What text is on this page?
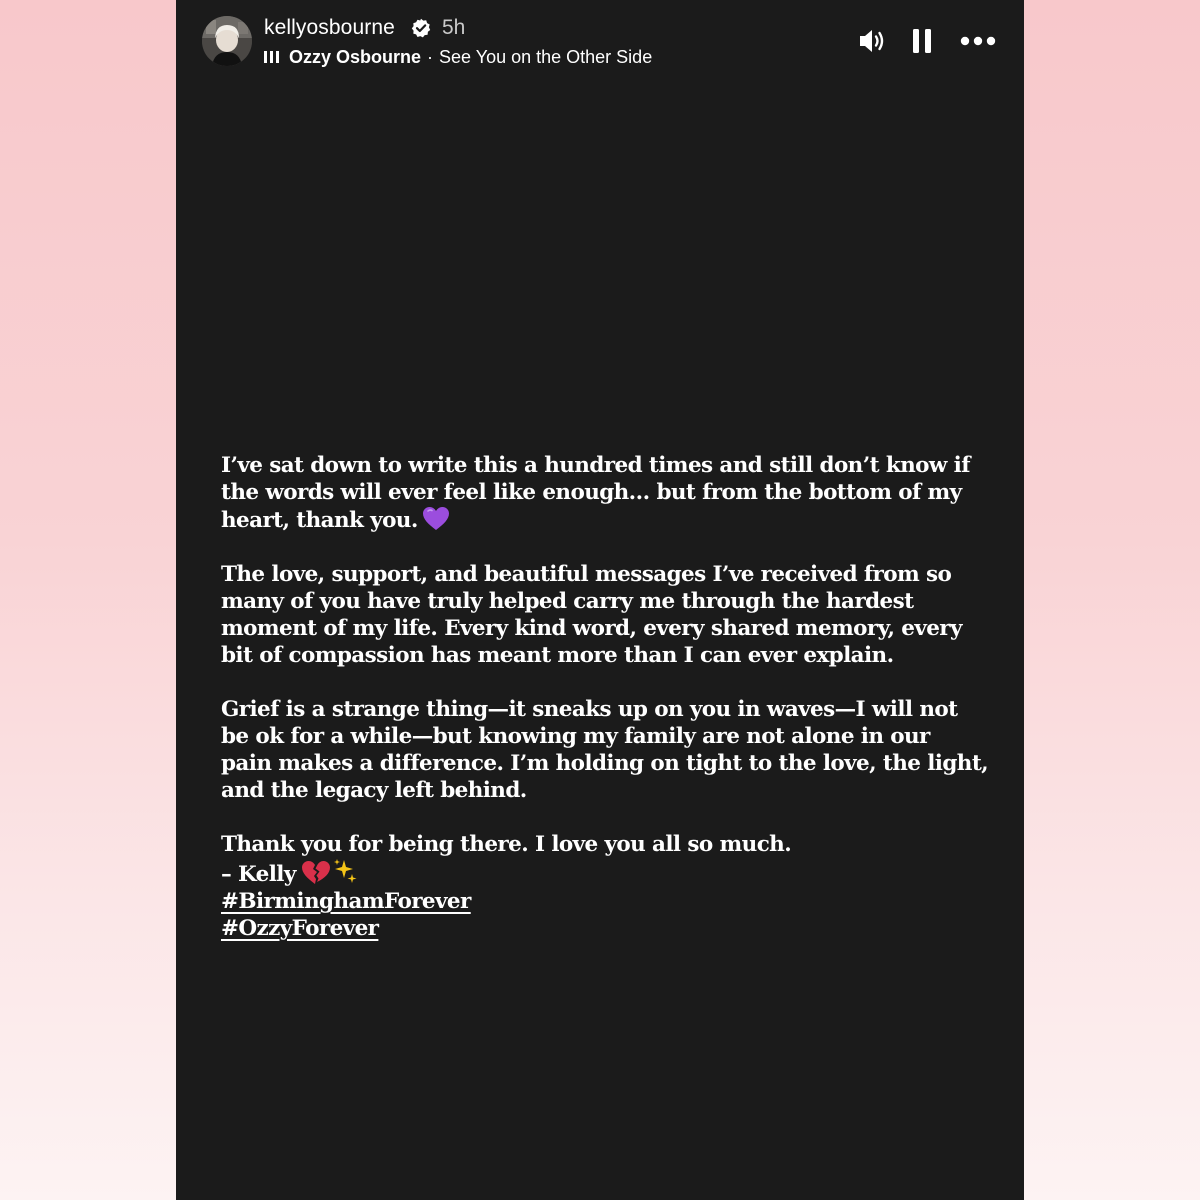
kellyosbourne 5h
Ozzy Osbourne · See You on the Other Side

I’ve sat down to write this a hundred times and still don’t know if
the words will ever feel like enough… but from the bottom of my
heart, thank you.

The love, support, and beautiful messages I’ve received from so
many of you have truly helped carry me through the hardest
moment of my life. Every kind word, every shared memory, every
bit of compassion has meant more than I can ever explain.

Grief is a strange thing—it sneaks up on you in waves—I will not
be ok for a while—but knowing my family are not alone in our
pain makes a difference. I’m holding on tight to the love, the light,
and the legacy left behind.

Thank you for being there. I love you all so much.
– Kelly
#BirminghamForever
#OzzyForever
